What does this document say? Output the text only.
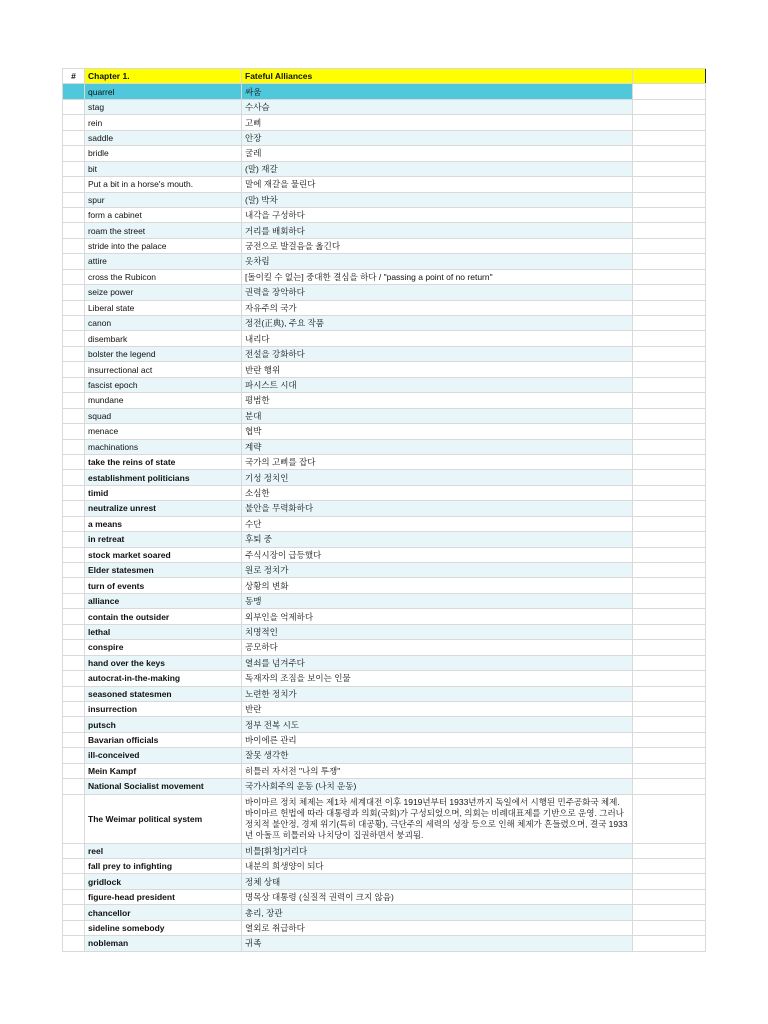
#	Chapter 1.	Fateful Alliances	
	quarrel	싸움	
	stag	수사슴	
	rein	고삐	
	saddle	안장	
	bridle	굴레	
	bit	(말) 재갈	
	Put a bit in a horse's mouth.	말에 재갈을 물린다	
	spur	(말) 박차	
	form a cabinet	내각을 구성하다	
	roam the street	거리를 배회하다	
	stride into the palace	궁전으로 발걸음을 옮긴다	
	attire	옷차림	
	cross the Rubicon	[돌이킬 수 없는] 중대한 결심을 하다 / "passing a point of no return"	
	seize power	권력을 장악하다	
	Liberal state	자유주의 국가	
	canon	정전(正典), 주요 작품	
	disembark	내리다	
	bolster the legend	전설을 강화하다	
	insurrectional act	반란 행위	
	fascist epoch	파시스트 시대	
	mundane	평범한	
	squad	분대	
	menace	협박	
	machinations	계략	
	take the reins of state	국가의 고삐를 잡다	
	establishment politicians	기성 정치인	
	timid	소심한	
	neutralize unrest	불안을 무력화하다	
	a means	수단	
	in retreat	후퇴 중	
	stock market soared	주식시장이 급등했다	
	Elder statesmen	원로 정치가	
	turn of events	상황의 변화	
	alliance	동맹	
	contain the outsider	외부인을 억제하다	
	lethal	치명적인	
	conspire	공모하다	
	hand over the keys	열쇠를 넘겨주다	
	autocrat-in-the-making	독재자의 조짐을 보이는 인물	
	seasoned statesmen	노련한 정치가	
	insurrection	반란	
	putsch	정부 전복 시도	
	Bavarian officials	바이에른 관리	
	ill-conceived	잘못 생각한	
	Mein Kampf	히틀러 자서전 "나의 투쟁"	
	National Socialist movement	국가사회주의 운동 (나치 운동)	
	The Weimar political system	바이마르 정치 체제는 제1차 세계대전 이후 1919년부터 1933년까지 독일에서 시행된 민주공화국 체제. 바이마르 헌법에 따라 대통령과 의회(국회)가 구성되었으며, 의회는 비례대표제를 기반으로 운영. 그러나 정치적 불안정, 경제 위기(특히 대공황), 극단주의 세력의 성장 등으로 인해 체제가 흔들렸으며, 결국 1933년 아돌프 히틀러와 나치당이 집권하면서 붕괴됨.	
	reel	비틀[휘청]거리다	
	fall prey to infighting	내분의 희생양이 되다	
	gridlock	정체 상태	
	figure-head president	명목상 대통령 (실질적 권력이 크지 않음)	
	chancellor	총리, 장관	
	sideline somebody	열외로 취급하다	
	nobleman	귀족	
